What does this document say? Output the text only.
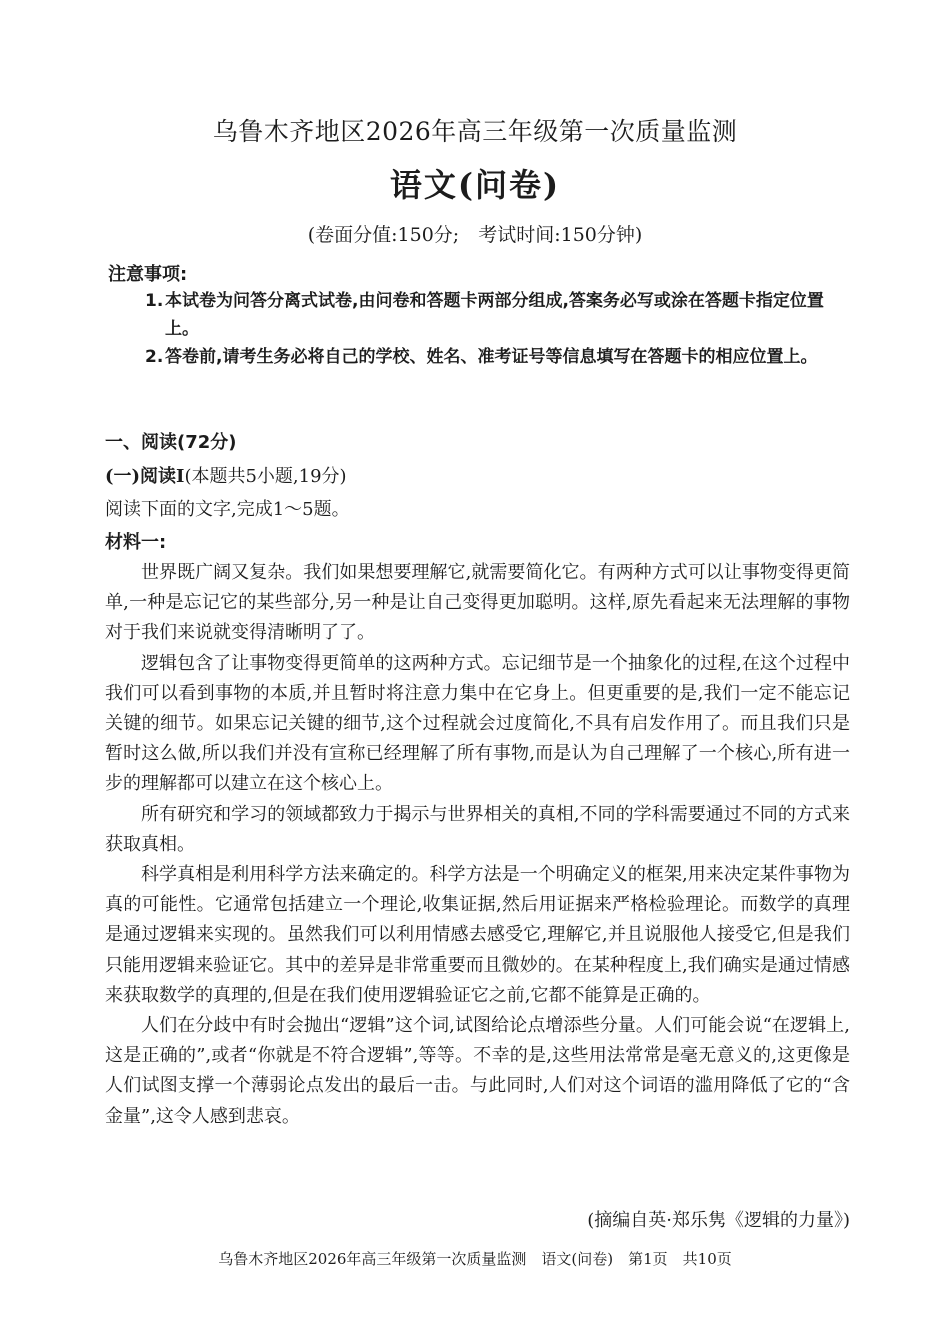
乌鲁木齐地区2026年高三年级第一次质量监测
语文(问卷)
(卷面分值:150分;　考试时间:150分钟)
注意事项:
1. 本试卷为问答分离式试卷,由问卷和答题卡两部分组成,答案务必写或涂在答题卡指定位置上。
2. 答卷前,请考生务必将自己的学校、姓名、准考证号等信息填写在答题卡的相应位置上。
一、阅读(72分)
(一)阅读I(本题共5小题,19分)
阅读下面的文字,完成1～5题。
材料一:

世界既广阔又复杂。我们如果想要理解它,就需要简化它。有两种方式可以让事物变得更简单,一种是忘记它的某些部分,另一种是让自己变得更加聪明。这样,原先看起来无法理解的事物对于我们来说就变得清晰明了了。

逻辑包含了让事物变得更简单的这两种方式。忘记细节是一个抽象化的过程,在这个过程中我们可以看到事物的本质,并且暂时将注意力集中在它身上。但更重要的是,我们一定不能忘记关键的细节。如果忘记关键的细节,这个过程就会过度简化,不具有启发作用了。而且我们只是暂时这么做,所以我们并没有宣称已经理解了所有事物,而是认为自己理解了一个核心,所有进一步的理解都可以建立在这个核心上。

所有研究和学习的领域都致力于揭示与世界相关的真相,不同的学科需要通过不同的方式来获取真相。

科学真相是利用科学方法来确定的。科学方法是一个明确定义的框架,用来决定某件事物为真的可能性。它通常包括建立一个理论,收集证据,然后用证据来严格检验理论。而数学的真理是通过逻辑来实现的。虽然我们可以利用情感去感受它,理解它,并且说服他人接受它,但是我们只能用逻辑来验证它。其中的差异是非常重要而且微妙的。在某种程度上,我们确实是通过情感来获取数学的真理的,但是在我们使用逻辑验证它之前,它都不能算是正确的。

人们在分歧中有时会抛出“逻辑”这个词,试图给论点增添些分量。人们可能会说“在逻辑上,这是正确的”,或者“你就是不符合逻辑”,等等。不幸的是,这些用法常常是毫无意义的,这更像是人们试图支撑一个薄弱论点发出的最后一击。与此同时,人们对这个词语的滥用降低了它的“含金量”,这令人感到悲哀。

(摘编自英·郑乐隽《逻辑的力量》)
乌鲁木齐地区2026年高三年级第一次质量监测　语文(问卷)　第1页　共10页
